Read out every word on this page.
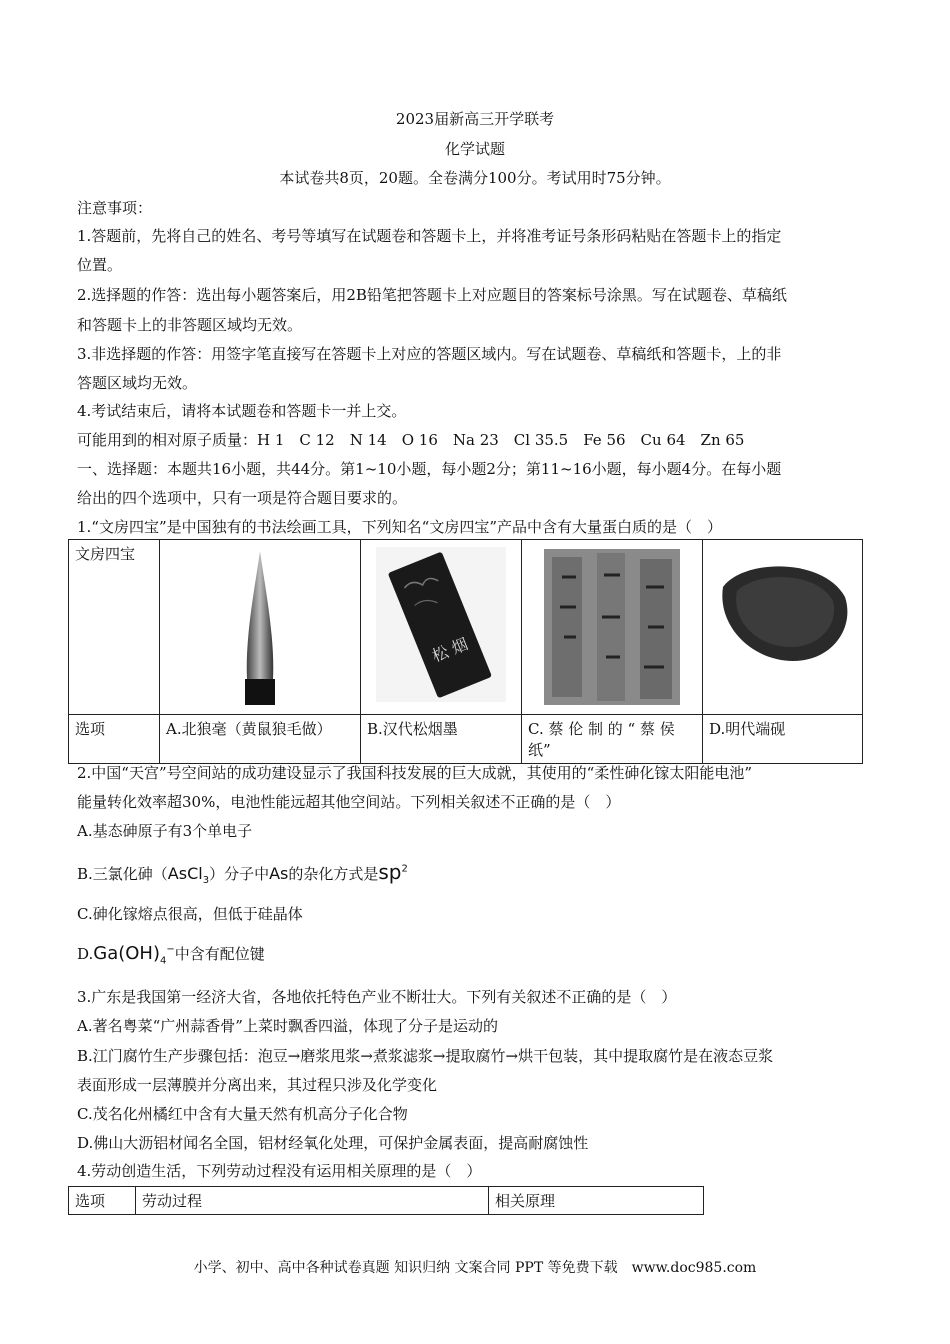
2023届新高三开学联考
化学试题
本试卷共8页，20题。全卷满分100分。考试用时75分钟。
注意事项：
1.答题前，先将自己的姓名、考号等填写在试题卷和答题卡上，并将准考证号条形码粘贴在答题卡上的指定
位置。
2.选择题的作答：选出每小题答案后，用2B铅笔把答题卡上对应题目的答案标号涂黑。写在试题卷、草稿纸
和答题卡上的非答题区域均无效。
3.非选择题的作答：用签字笔直接写在答题卡上对应的答题区域内。写在试题卷、草稿纸和答题卡，上的非
答题区域均无效。
4.考试结束后，请将本试题卷和答题卡一并上交。
可能用到的相对原子质量：H 1　C 12　N 14　O 16　Na 23　Cl 35.5　Fe 56　Cu 64　Zn 65
一、选择题：本题共16小题，共44分。第1~10小题，每小题2分；第11~16小题，每小题4分。在每小题
给出的四个选项中，只有一项是符合题目要求的。
1.“文房四宝”是中国独有的书法绘画工具，下列知名“文房四宝”产品中含有大量蛋白质的是（　）
文房四宝		松 烟

选项	A.北狼毫（黄鼠狼毛做）	B.汉代松烟墨	C. 蔡 伦 制 的 “ 蔡 侯 纸”	D.明代端砚
2.中国“天宫”号空间站的成功建设显示了我国科技发展的巨大成就，其使用的“柔性砷化镓太阳能电池”
能量转化效率超30%，电池性能远超其他空间站。下列相关叙述不正确的是（　）
A.基态砷原子有3个单电子
B.三氯化砷（AsCl$_3$）分子中As的杂化方式是$sp^2$
C.砷化镓熔点很高，但低于硅晶体
$D.Ga(OH)_4^-$中含有配位键
3.广东是我国第一经济大省，各地依托特色产业不断壮大。下列有关叙述不正确的是（　）
A.著名粤菜“广州蒜香骨”上菜时飘香四溢，体现了分子是运动的
B.江门腐竹生产步骤包括：泡豆→磨浆甩浆→煮浆滤浆→提取腐竹→烘干包装，其中提取腐竹是在液态豆浆
表面形成一层薄膜并分离出来，其过程只涉及化学变化
C.茂名化州橘红中含有大量天然有机高分子化合物
D.佛山大沥铝材闻名全国，铝材经氧化处理，可保护金属表面，提高耐腐蚀性
4.劳动创造生活，下列劳动过程没有运用相关原理的是（　）
选项	劳动过程	相关原理
小学、初中、高中各种试卷真题 知识归纳 文案合同 PPT 等免费下载　www.doc985.com
